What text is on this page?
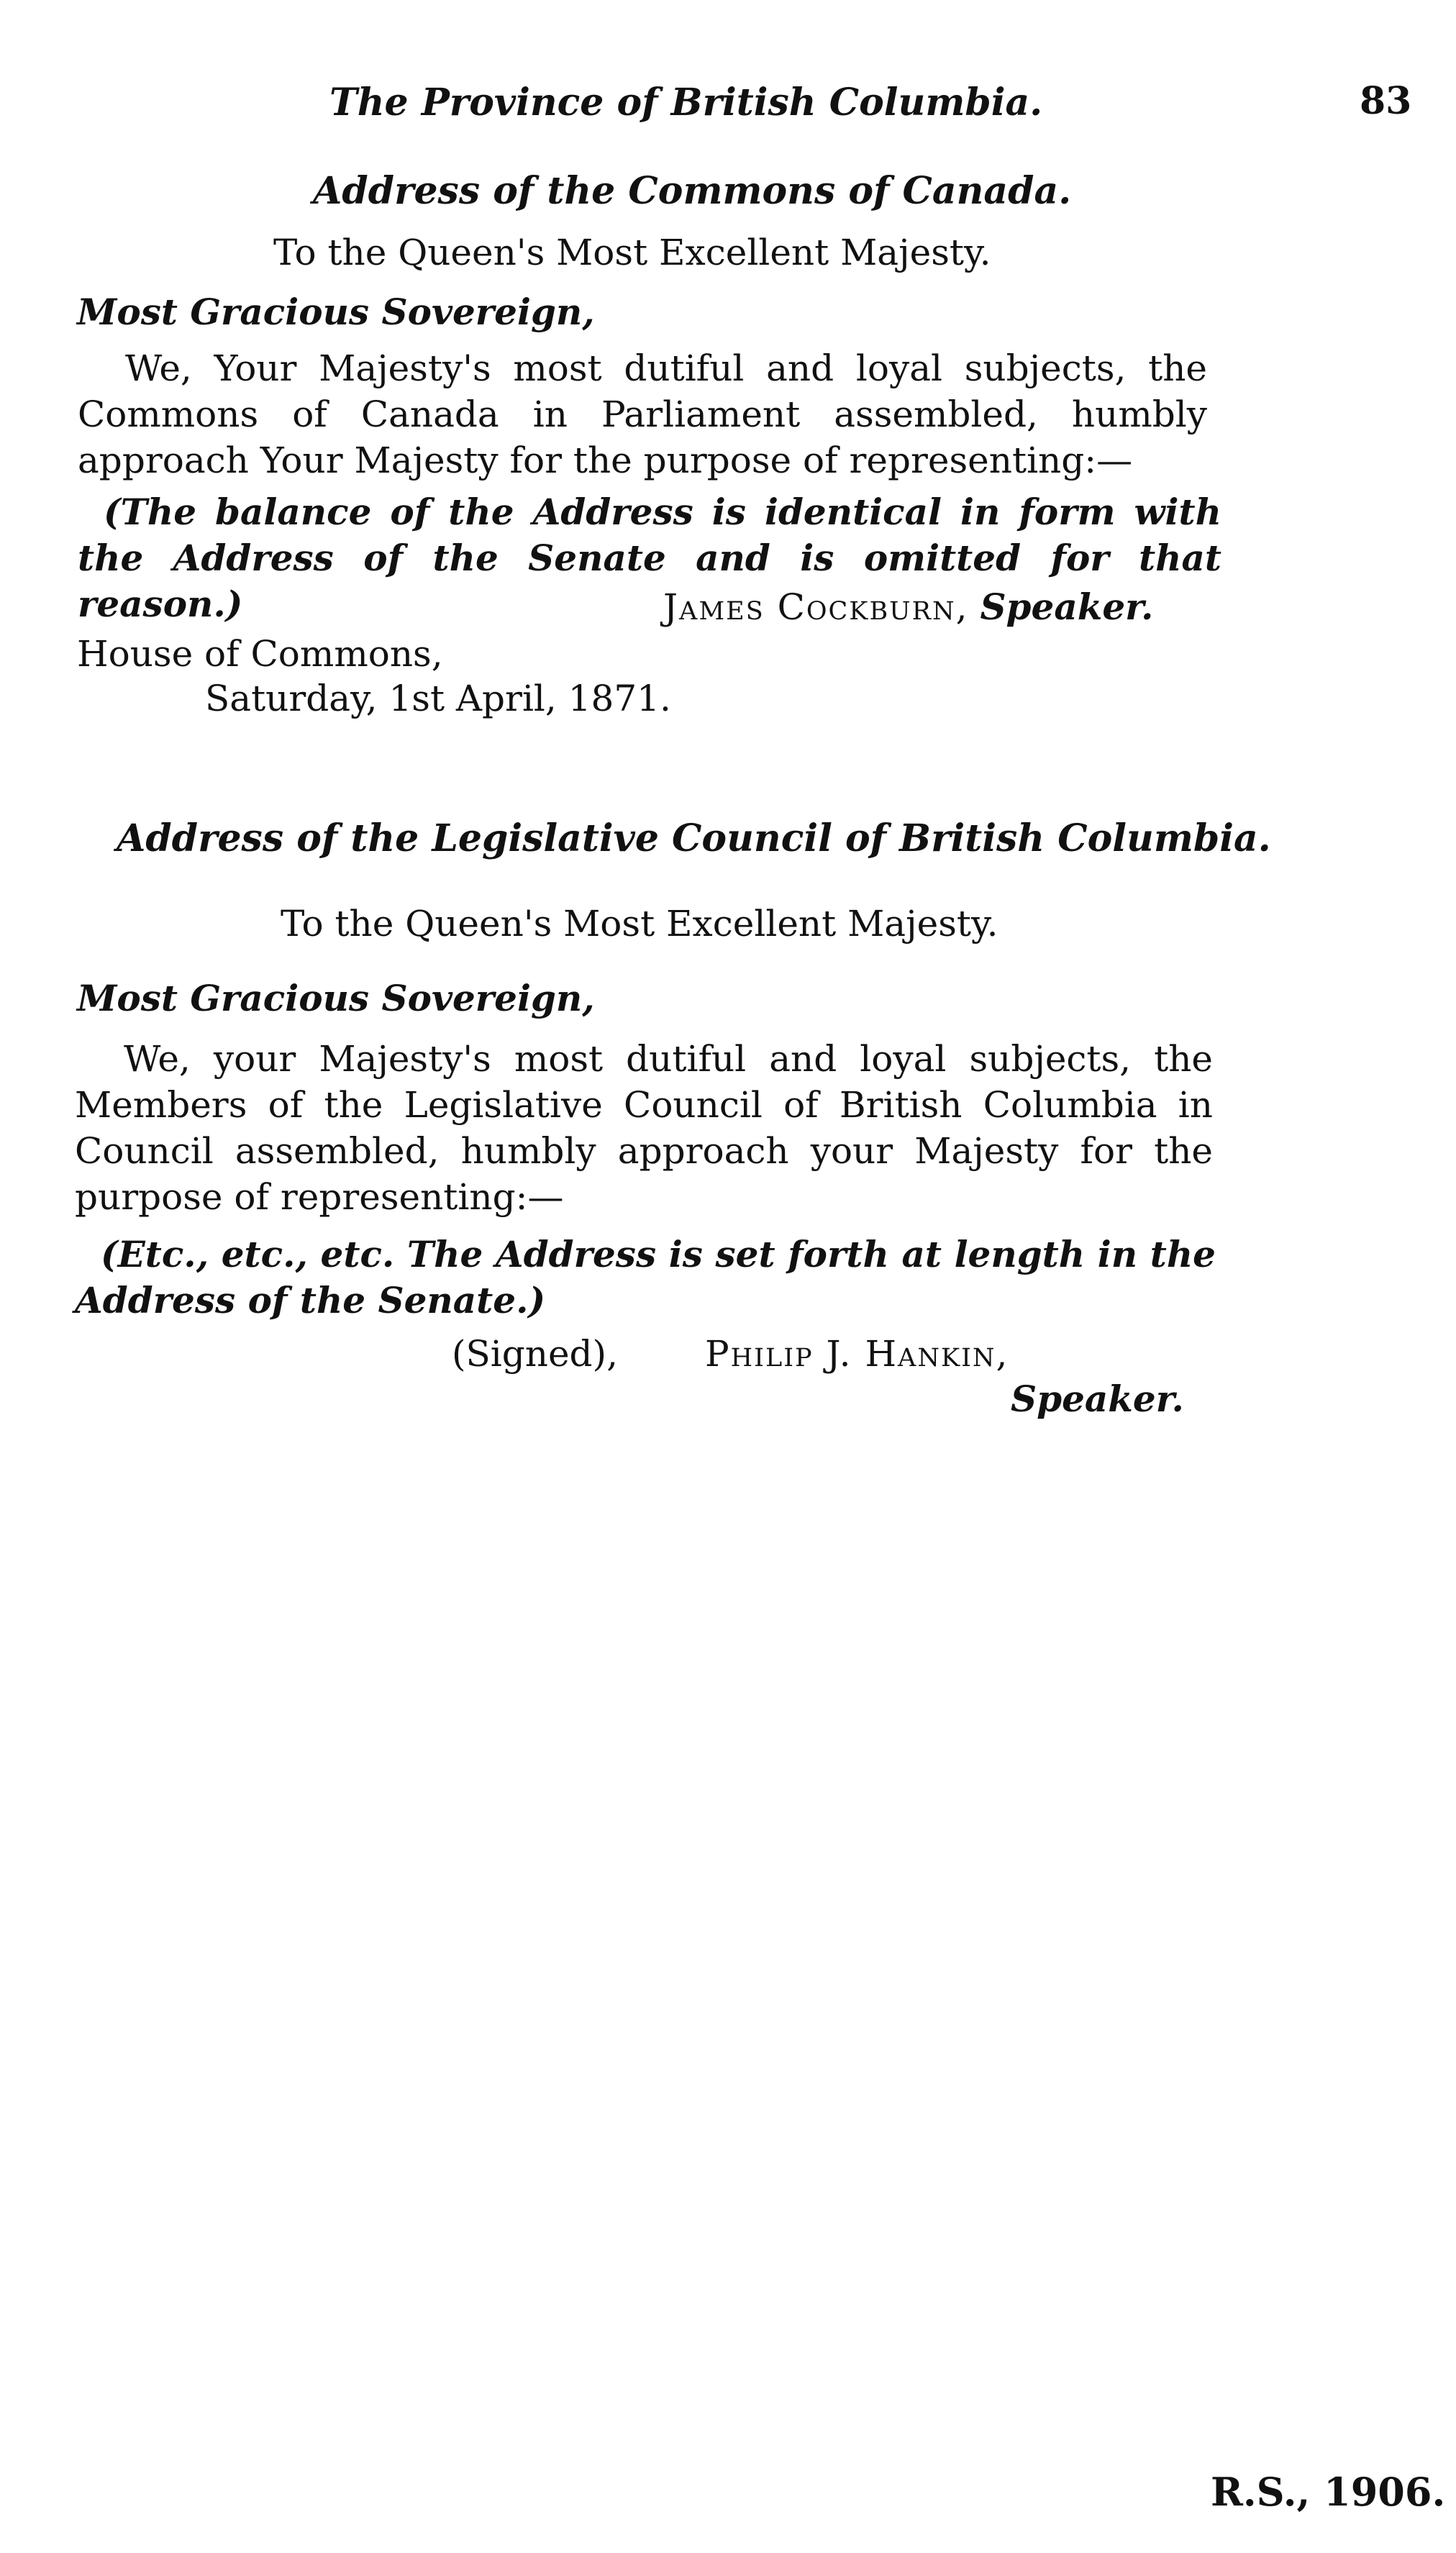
The Province of British Columbia.	83
Address of the Commons of Canada.
To the Queen's Most Excellent Majesty.
Most Gracious Sovereign,
We, Your Majesty's most dutiful and loyal subjects, the Commons of Canada in Parliament assembled, humbly approach Your Majesty for the purpose of representing:—
(The balance of the Address is identical in form with the Address of the Senate and is omitted for that reason.)	James Cockburn, Speaker.
House of Commons,
Saturday, 1st April, 1871.
Address of the Legislative Council of British Columbia.
To the Queen's Most Excellent Majesty.
Most Gracious Sovereign,
We, your Majesty's most dutiful and loyal subjects, the Members of the Legislative Council of British Columbia in Council assembled, humbly approach your Majesty for the purpose of representing:—
(Etc., etc., etc. The Address is set forth at length in the Address of the Senate.)
(Signed), Philip J. Hankin,
Speaker.
R.S., 1906.
